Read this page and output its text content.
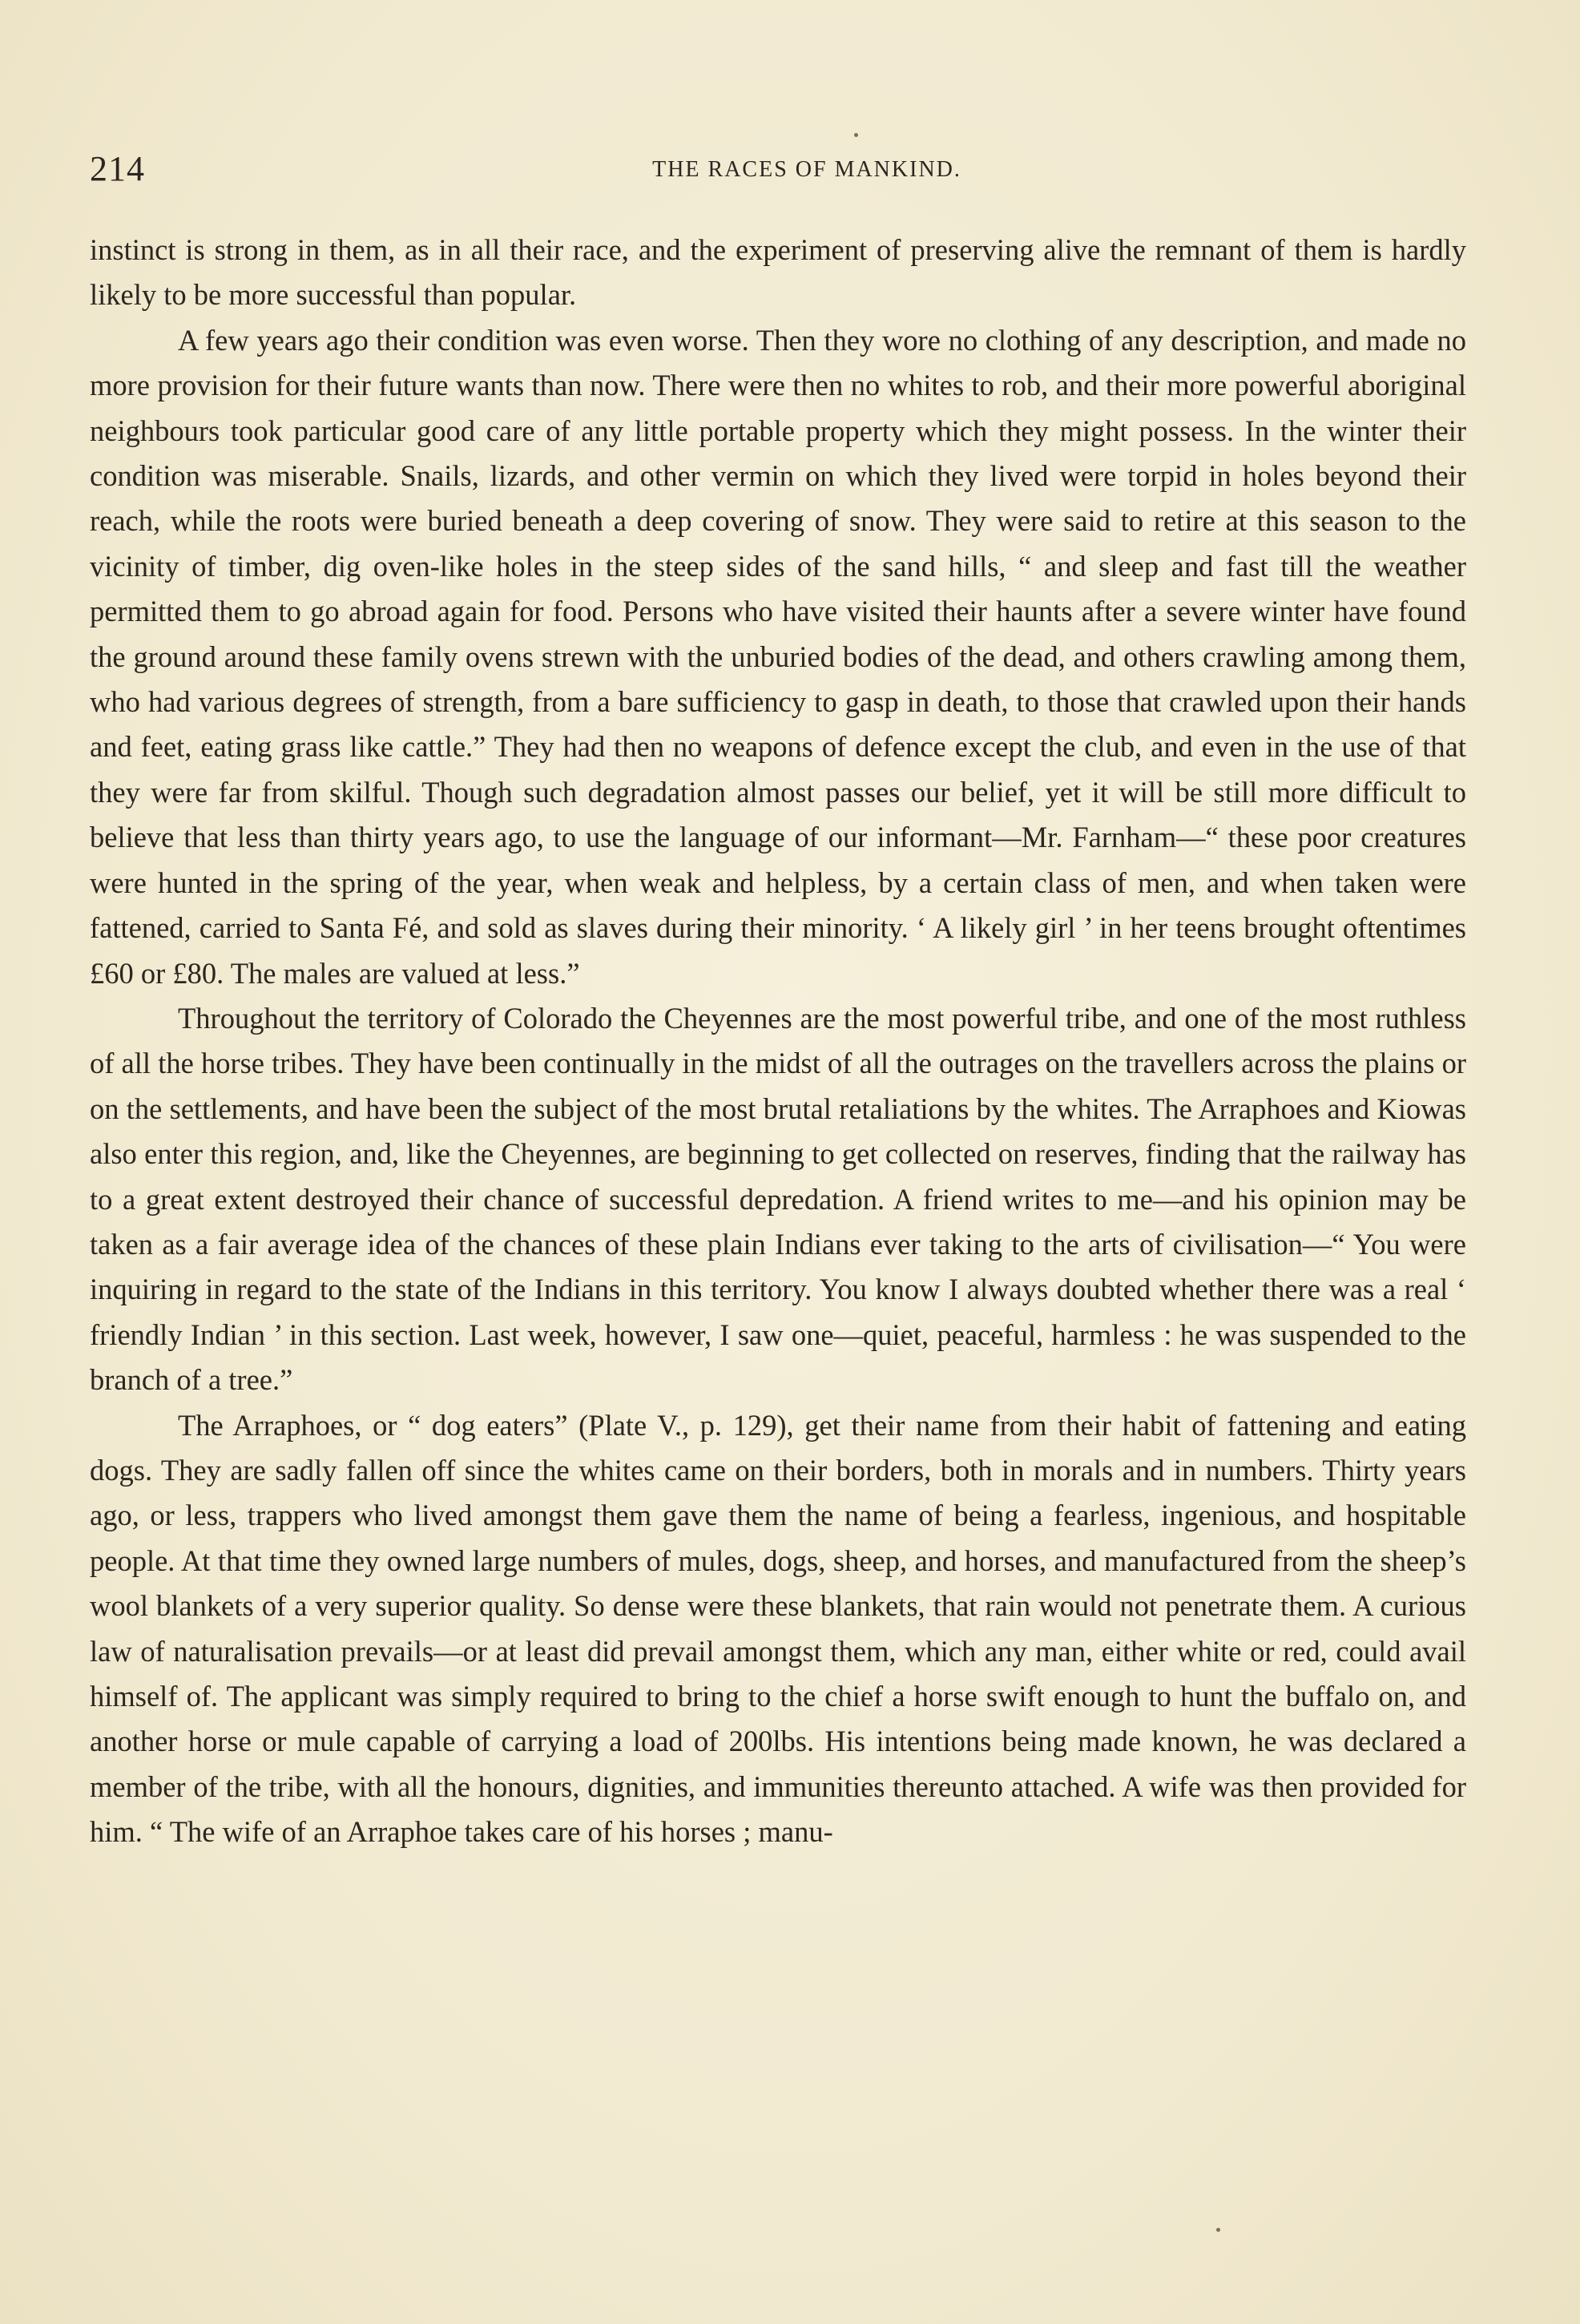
214	THE RACES OF MANKIND.

instinct is strong in them, as in all their race, and the experiment of preserving alive the remnant of them is hardly likely to be more successful than popular.

A few years ago their condition was even worse. Then they wore no clothing of any description, and made no more provision for their future wants than now. There were then no whites to rob, and their more powerful aboriginal neighbours took particular good care of any little portable property which they might possess. In the winter their condition was miserable. Snails, lizards, and other vermin on which they lived were torpid in holes beyond their reach, while the roots were buried beneath a deep covering of snow. They were said to retire at this season to the vicinity of timber, dig oven-like holes in the steep sides of the sand hills, “ and sleep and fast till the weather permitted them to go abroad again for food. Persons who have visited their haunts after a severe winter have found the ground around these family ovens strewn with the unburied bodies of the dead, and others crawling among them, who had various degrees of strength, from a bare sufficiency to gasp in death, to those that crawled upon their hands and feet, eating grass like cattle.” They had then no weapons of defence except the club, and even in the use of that they were far from skilful. Though such degradation almost passes our belief, yet it will be still more difficult to believe that less than thirty years ago, to use the language of our informant—Mr. Farnham—“ these poor creatures were hunted in the spring of the year, when weak and helpless, by a certain class of men, and when taken were fattened, carried to Santa Fé, and sold as slaves during their minority. ‘ A likely girl ’ in her teens brought oftentimes £60 or £80. The males are valued at less.”

Throughout the territory of Colorado the Cheyennes are the most powerful tribe, and one of the most ruthless of all the horse tribes. They have been continually in the midst of all the outrages on the travellers across the plains or on the settlements, and have been the subject of the most brutal retaliations by the whites. The Arraphoes and Kiowas also enter this region, and, like the Cheyennes, are beginning to get collected on reserves, finding that the railway has to a great extent destroyed their chance of successful depredation. A friend writes to me—and his opinion may be taken as a fair average idea of the chances of these plain Indians ever taking to the arts of civilisation—“ You were inquiring in regard to the state of the Indians in this territory. You know I always doubted whether there was a real ‘ friendly Indian ’ in this section. Last week, however, I saw one—quiet, peaceful, harmless : he was suspended to the branch of a tree.”

The Arraphoes, or “ dog eaters” (Plate V., p. 129), get their name from their habit of fattening and eating dogs. They are sadly fallen off since the whites came on their borders, both in morals and in numbers. Thirty years ago, or less, trappers who lived amongst them gave them the name of being a fearless, ingenious, and hospitable people. At that time they owned large numbers of mules, dogs, sheep, and horses, and manufactured from the sheep’s wool blankets of a very superior quality. So dense were these blankets, that rain would not penetrate them. A curious law of naturalisation prevails—or at least did prevail amongst them, which any man, either white or red, could avail himself of. The applicant was simply required to bring to the chief a horse swift enough to hunt the buffalo on, and another horse or mule capable of carrying a load of 200lbs. His intentions being made known, he was declared a member of the tribe, with all the honours, dignities, and immunities thereunto attached. A wife was then provided for him. “ The wife of an Arraphoe takes care of his horses ; manu-
